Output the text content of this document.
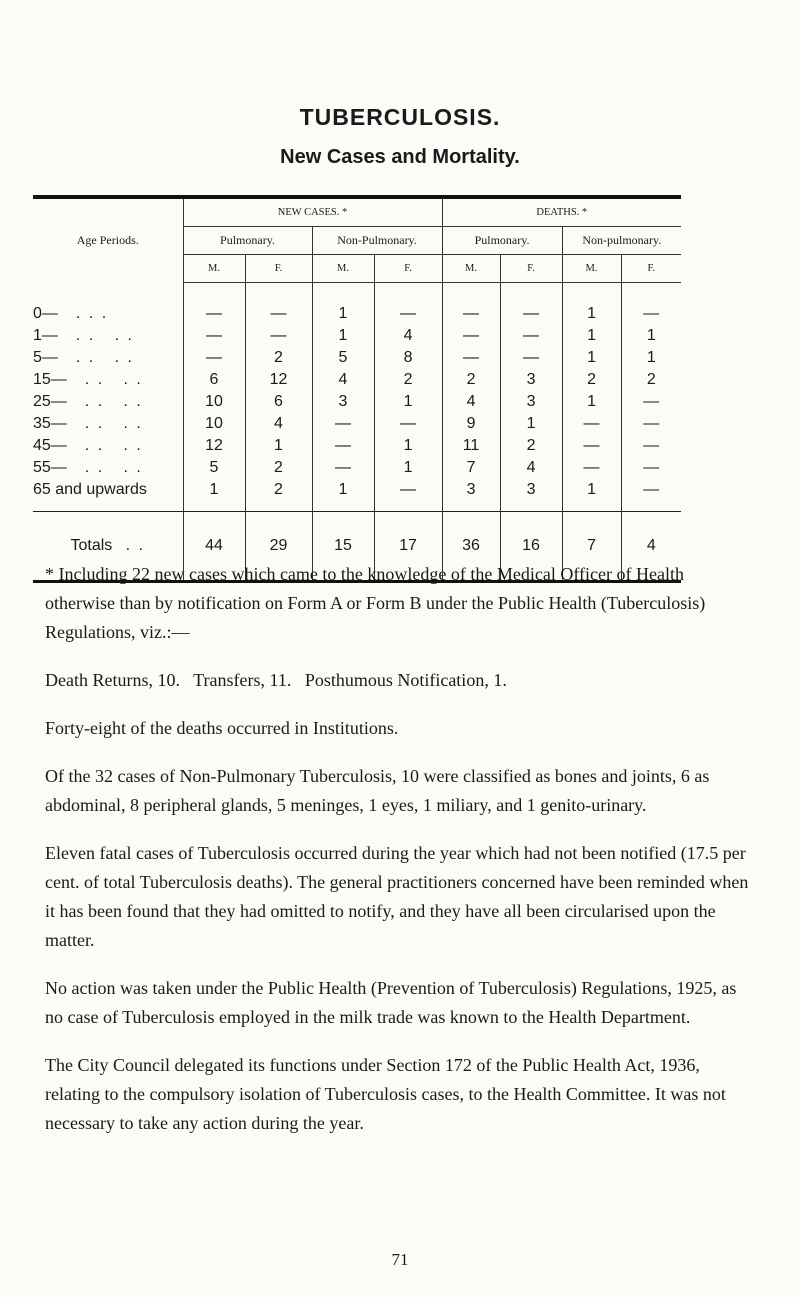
TUBERCULOSIS.
New Cases and Mortality.
Age Periods.	NEW CASES. *				DEATHS. *			
	Pulmonary.		Non-Pulmonary.		Pulmonary.		Non-pulmonary.	
	M.	F.	M.	F.	M.	F.	M.	F.
0— . . .	—	—	1	—	—	—	1	—
1— . .   . .	—	—	1	4	—	—	1	1
5— . .   . .	—	2	5	8	—	—	1	1
15— . .   . .	6	12	4	2	2	3	2	2
25— . .   . .	10	6	3	1	4	3	1	—
35— . .   . .	10	4	—	—	9	1	—	—
45— . .   . .	12	1	—	1	11	2	—	—
55— . .   . .	5	2	—	1	7	4	—	—
65 and upwards	1	2	1	—	3	3	1	—
Totals . .	44	29	15	17	36	16	7	4

* Including 22 new cases which came to the knowledge of the Medical Officer of Health otherwise than by notification on Form A or Form B under the Public Health (Tuberculosis) Regulations, viz.:—

Death Returns, 10.   Transfers, 11.   Posthumous Notification, 1.

Forty-eight of the deaths occurred in Institutions.

Of the 32 cases of Non-Pulmonary Tuberculosis, 10 were classified as bones and joints, 6 as abdominal, 8 peripheral glands, 5 meninges, 1 eyes, 1 miliary, and 1 genito-urinary.

Eleven fatal cases of Tuberculosis occurred during the year which had not been notified (17.5 per cent. of total Tuberculosis deaths). The general practitioners concerned have been reminded when it has been found that they had omitted to notify, and they have all been circularised upon the matter.

No action was taken under the Public Health (Prevention of Tuberculosis) Regulations, 1925, as no case of Tuberculosis employed in the milk trade was known to the Health Department.

The City Council delegated its functions under Section 172 of the Public Health Act, 1936, relating to the compulsory isolation of Tuberculosis cases, to the Health Committee. It was not necessary to take any action during the year.

71
